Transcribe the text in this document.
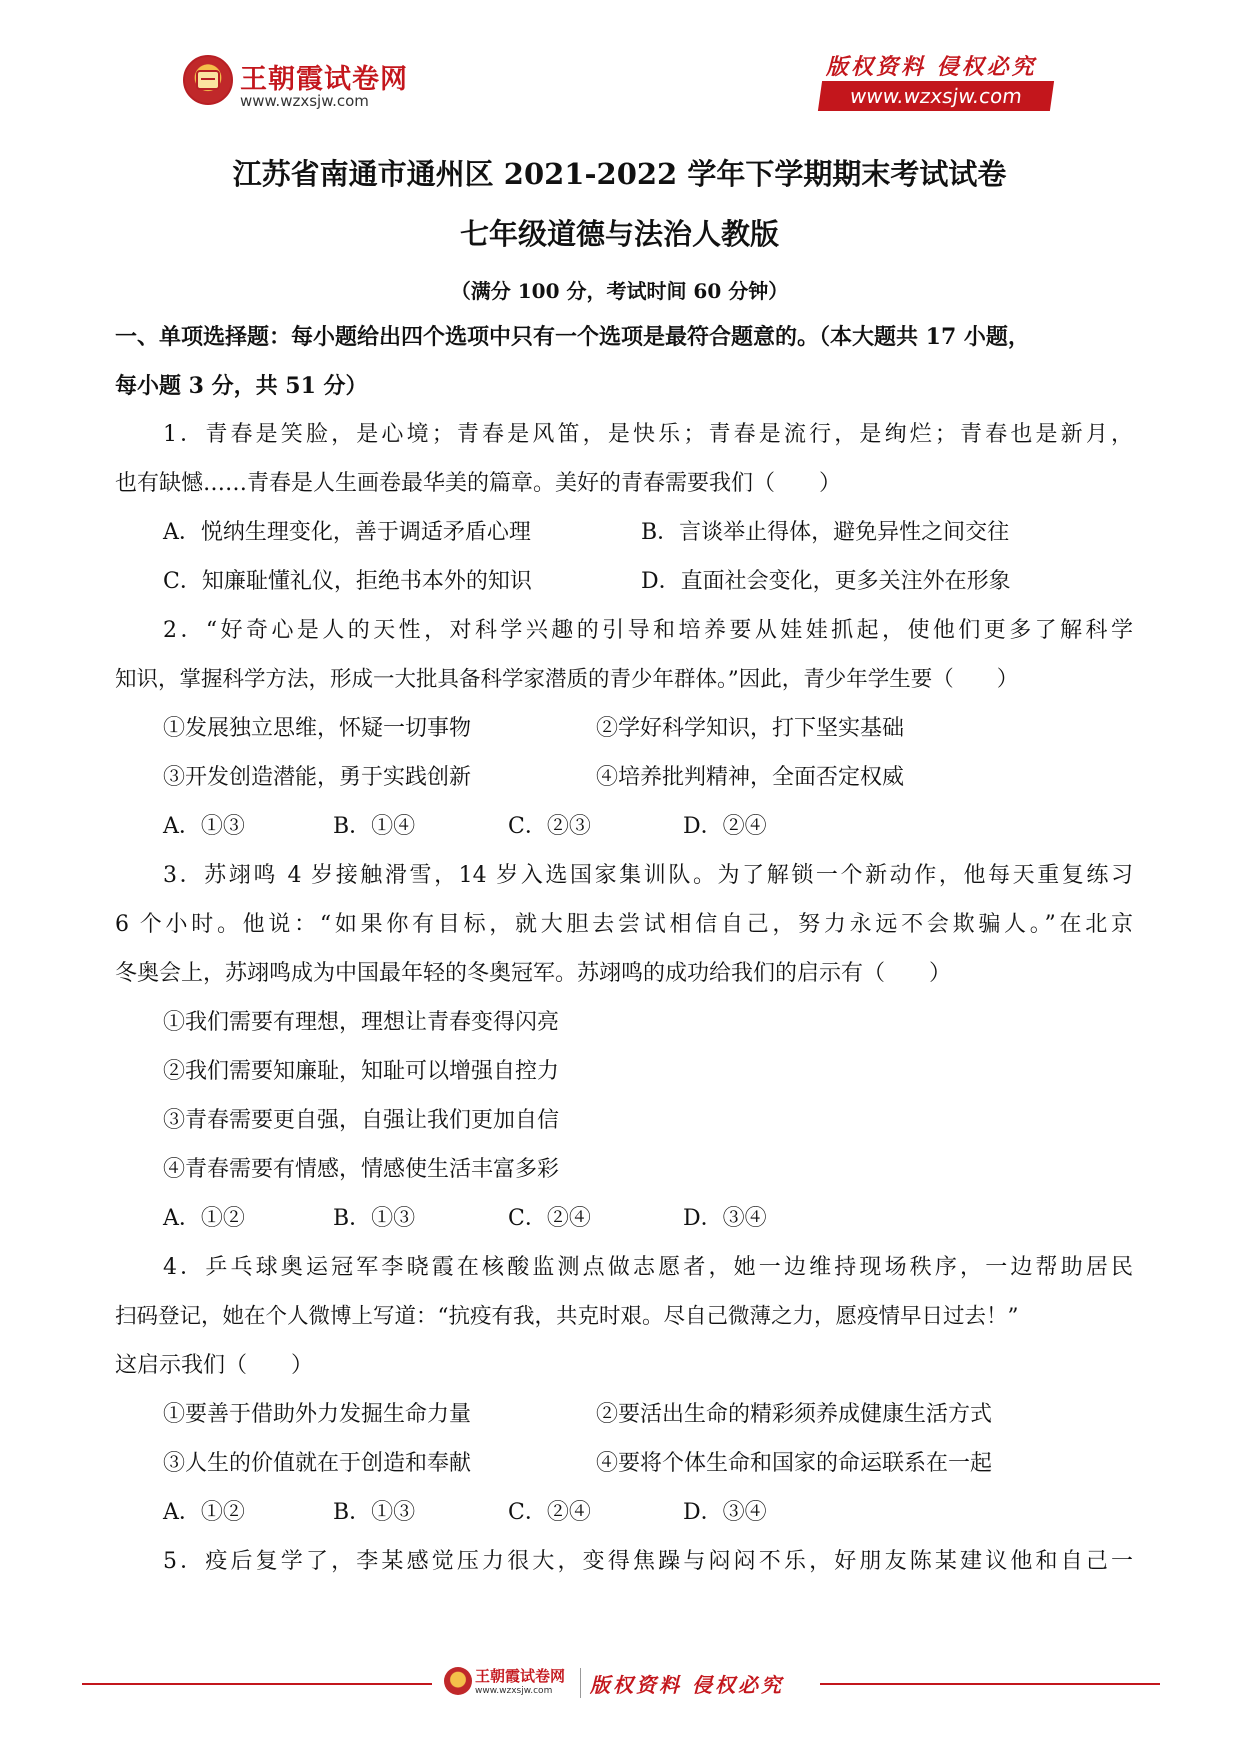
王朝霞试卷网
www.wzxsjw.com
版权资料 侵权必究
www.wzxsjw.com
江苏省南通市通州区 2021-2022 学年下学期期末考试试卷
七年级道德与法治人教版
（满分 100 分，考试时间 60 分钟）
一、单项选择题：每小题给出四个选项中只有一个选项是最符合题意的。（本大题共 17 小题，
每小题 3 分，共 51 分）
1．青春是笑脸，是心境；青春是风笛，是快乐；青春是流行，是绚烂；青春也是新月，
也有缺憾……青春是人生画卷最华美的篇章。美好的青春需要我们（　　）
A．悦纳生理变化，善于调适矛盾心理	B．言谈举止得体，避免异性之间交往
C．知廉耻懂礼仪，拒绝书本外的知识	D．直面社会变化，更多关注外在形象
2．“好奇心是人的天性，对科学兴趣的引导和培养要从娃娃抓起，使他们更多了解科学
知识，掌握科学方法，形成一大批具备科学家潜质的青少年群体。”因此，青少年学生要（　　）
①发展独立思维，怀疑一切事物	②学好科学知识，打下坚实基础
③开发创造潜能，勇于实践创新	④培养批判精神，全面否定权威
A．①③	B．①④	C．②③	D．②④
3．苏翊鸣 4 岁接触滑雪，14 岁入选国家集训队。为了解锁一个新动作，他每天重复练习
6 个小时。他说：“如果你有目标，就大胆去尝试相信自己，努力永远不会欺骗人。”在北京
冬奥会上，苏翊鸣成为中国最年轻的冬奥冠军。苏翊鸣的成功给我们的启示有（　　）
①我们需要有理想，理想让青春变得闪亮
②我们需要知廉耻，知耻可以增强自控力
③青春需要更自强，自强让我们更加自信
④青春需要有情感，情感使生活丰富多彩
A．①②	B．①③	C．②④	D．③④
4．乒乓球奥运冠军李晓霞在核酸监测点做志愿者，她一边维持现场秩序，一边帮助居民
扫码登记，她在个人微博上写道：“抗疫有我，共克时艰。尽自己微薄之力，愿疫情早日过去！”
这启示我们（　　）
①要善于借助外力发掘生命力量	②要活出生命的精彩须养成健康生活方式
③人生的价值就在于创造和奉献	④要将个体生命和国家的命运联系在一起
A．①②	B．①③	C．②④	D．③④
5．疫后复学了，李某感觉压力很大，变得焦躁与闷闷不乐，好朋友陈某建议他和自己一
王朝霞试卷网
www.wzxsjw.com 版权资料 侵权必究
